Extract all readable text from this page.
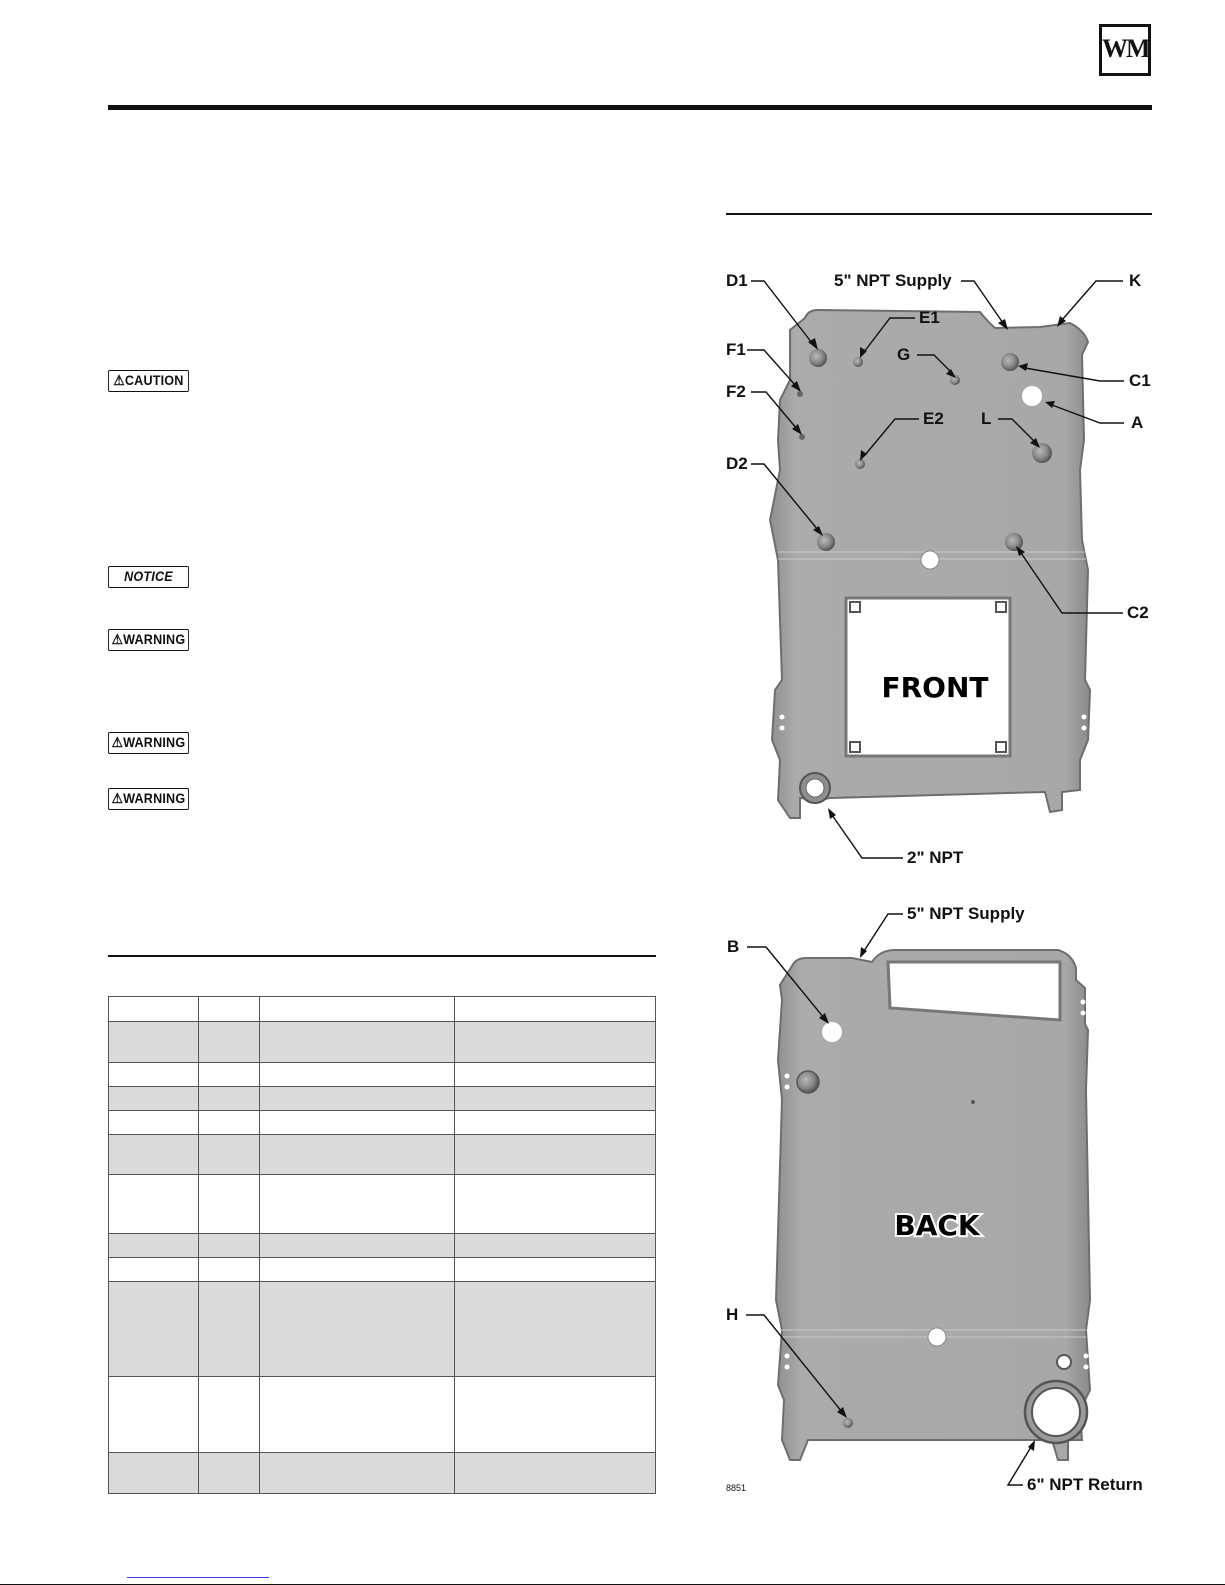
WM
⚠CAUTION
NOTICE
⚠WARNING
⚠WARNING
⚠WARNING

FRONT
D1	5" NPT Supply	K
E1
F1	G
C1
A
F2
E2 L
D2
C2
2" NPT
BACK
5" NPT Supply
B
H
6" NPT Return
8851
